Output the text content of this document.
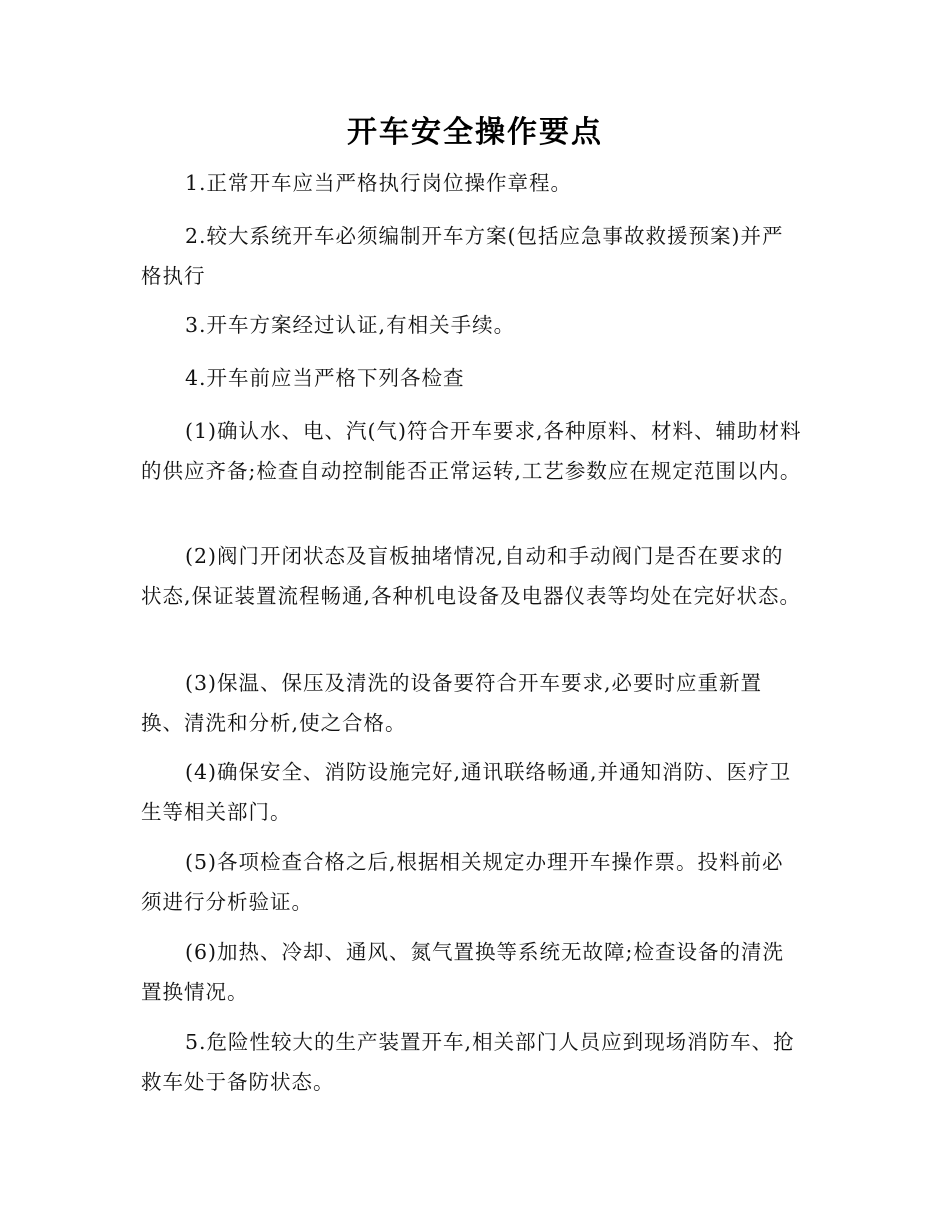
开车安全操作要点

1.正常开车应当严格执行岗位操作章程。

2.较大系统开车必须编制开车方案(包括应急事故救援预案)并严格执行

3.开车方案经过认证,有相关手续。

4.开车前应当严格下列各检查

(1)确认水、电、汽(气)符合开车要求,各种原料、材料、辅助材料的供应齐备;检查自动控制能否正常运转,工艺参数应在规定范围以内。

(2)阀门开闭状态及盲板抽堵情况,自动和手动阀门是否在要求的状态,保证装置流程畅通,各种机电设备及电器仪表等均处在完好状态。

(3)保温、保压及清洗的设备要符合开车要求,必要时应重新置换、清洗和分析,使之合格。

(4)确保安全、消防设施完好,通讯联络畅通,并通知消防、医疗卫生等相关部门。

(5)各项检查合格之后,根据相关规定办理开车操作票。投料前必须进行分析验证。

(6)加热、冷却、通风、氮气置换等系统无故障;检查设备的清洗置换情况。

5.危险性较大的生产装置开车,相关部门人员应到现场消防车、抢救车处于备防状态。
